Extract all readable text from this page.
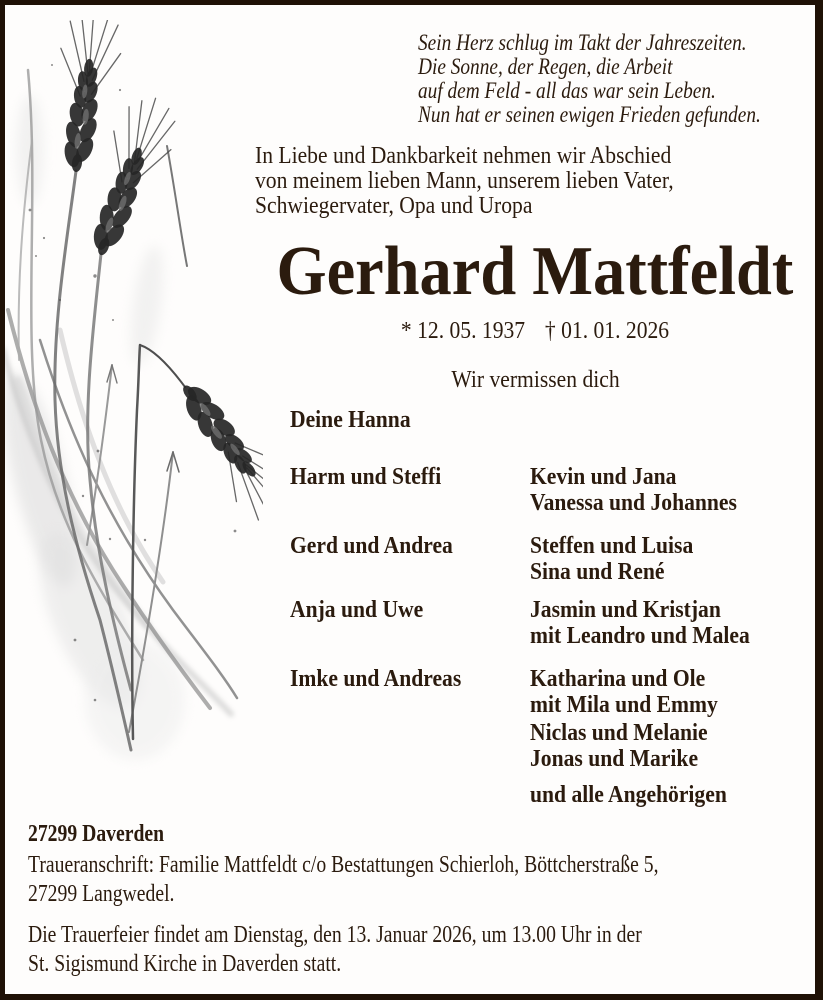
Sein Herz schlug im Takt der Jahreszeiten.
Die Sonne, der Regen, die Arbeit
auf dem Feld - all das war sein Leben.
Nun hat er seinen ewigen Frieden gefunden.
In Liebe und Dankbarkeit nehmen wir Abschied
von meinem lieben Mann, unserem lieben Vater,
Schwiegervater, Opa und Uropa
Gerhard Mattfeldt
* 12. 05. 1937 † 01. 01. 2026
Wir vermissen dich
Deine Hanna
Harm und Steffi	Kevin und Jana
Vanessa und Johannes
Gerd und Andrea	Steffen und Luisa
Sina und René
Anja und Uwe	Jasmin und Kristjan
mit Leandro und Malea
Imke und Andreas	Katharina und Ole
mit Mila und Emmy
Niclas und Melanie
Jonas und Marike
und alle Angehörigen
27299 Daverden
Traueranschrift: Familie Mattfeldt c/o Bestattungen Schierloh, Böttcherstraße 5,
27299 Langwedel.
Die Trauerfeier findet am Dienstag, den 13. Januar 2026, um 13.00 Uhr in der
St. Sigismund Kirche in Daverden statt.
